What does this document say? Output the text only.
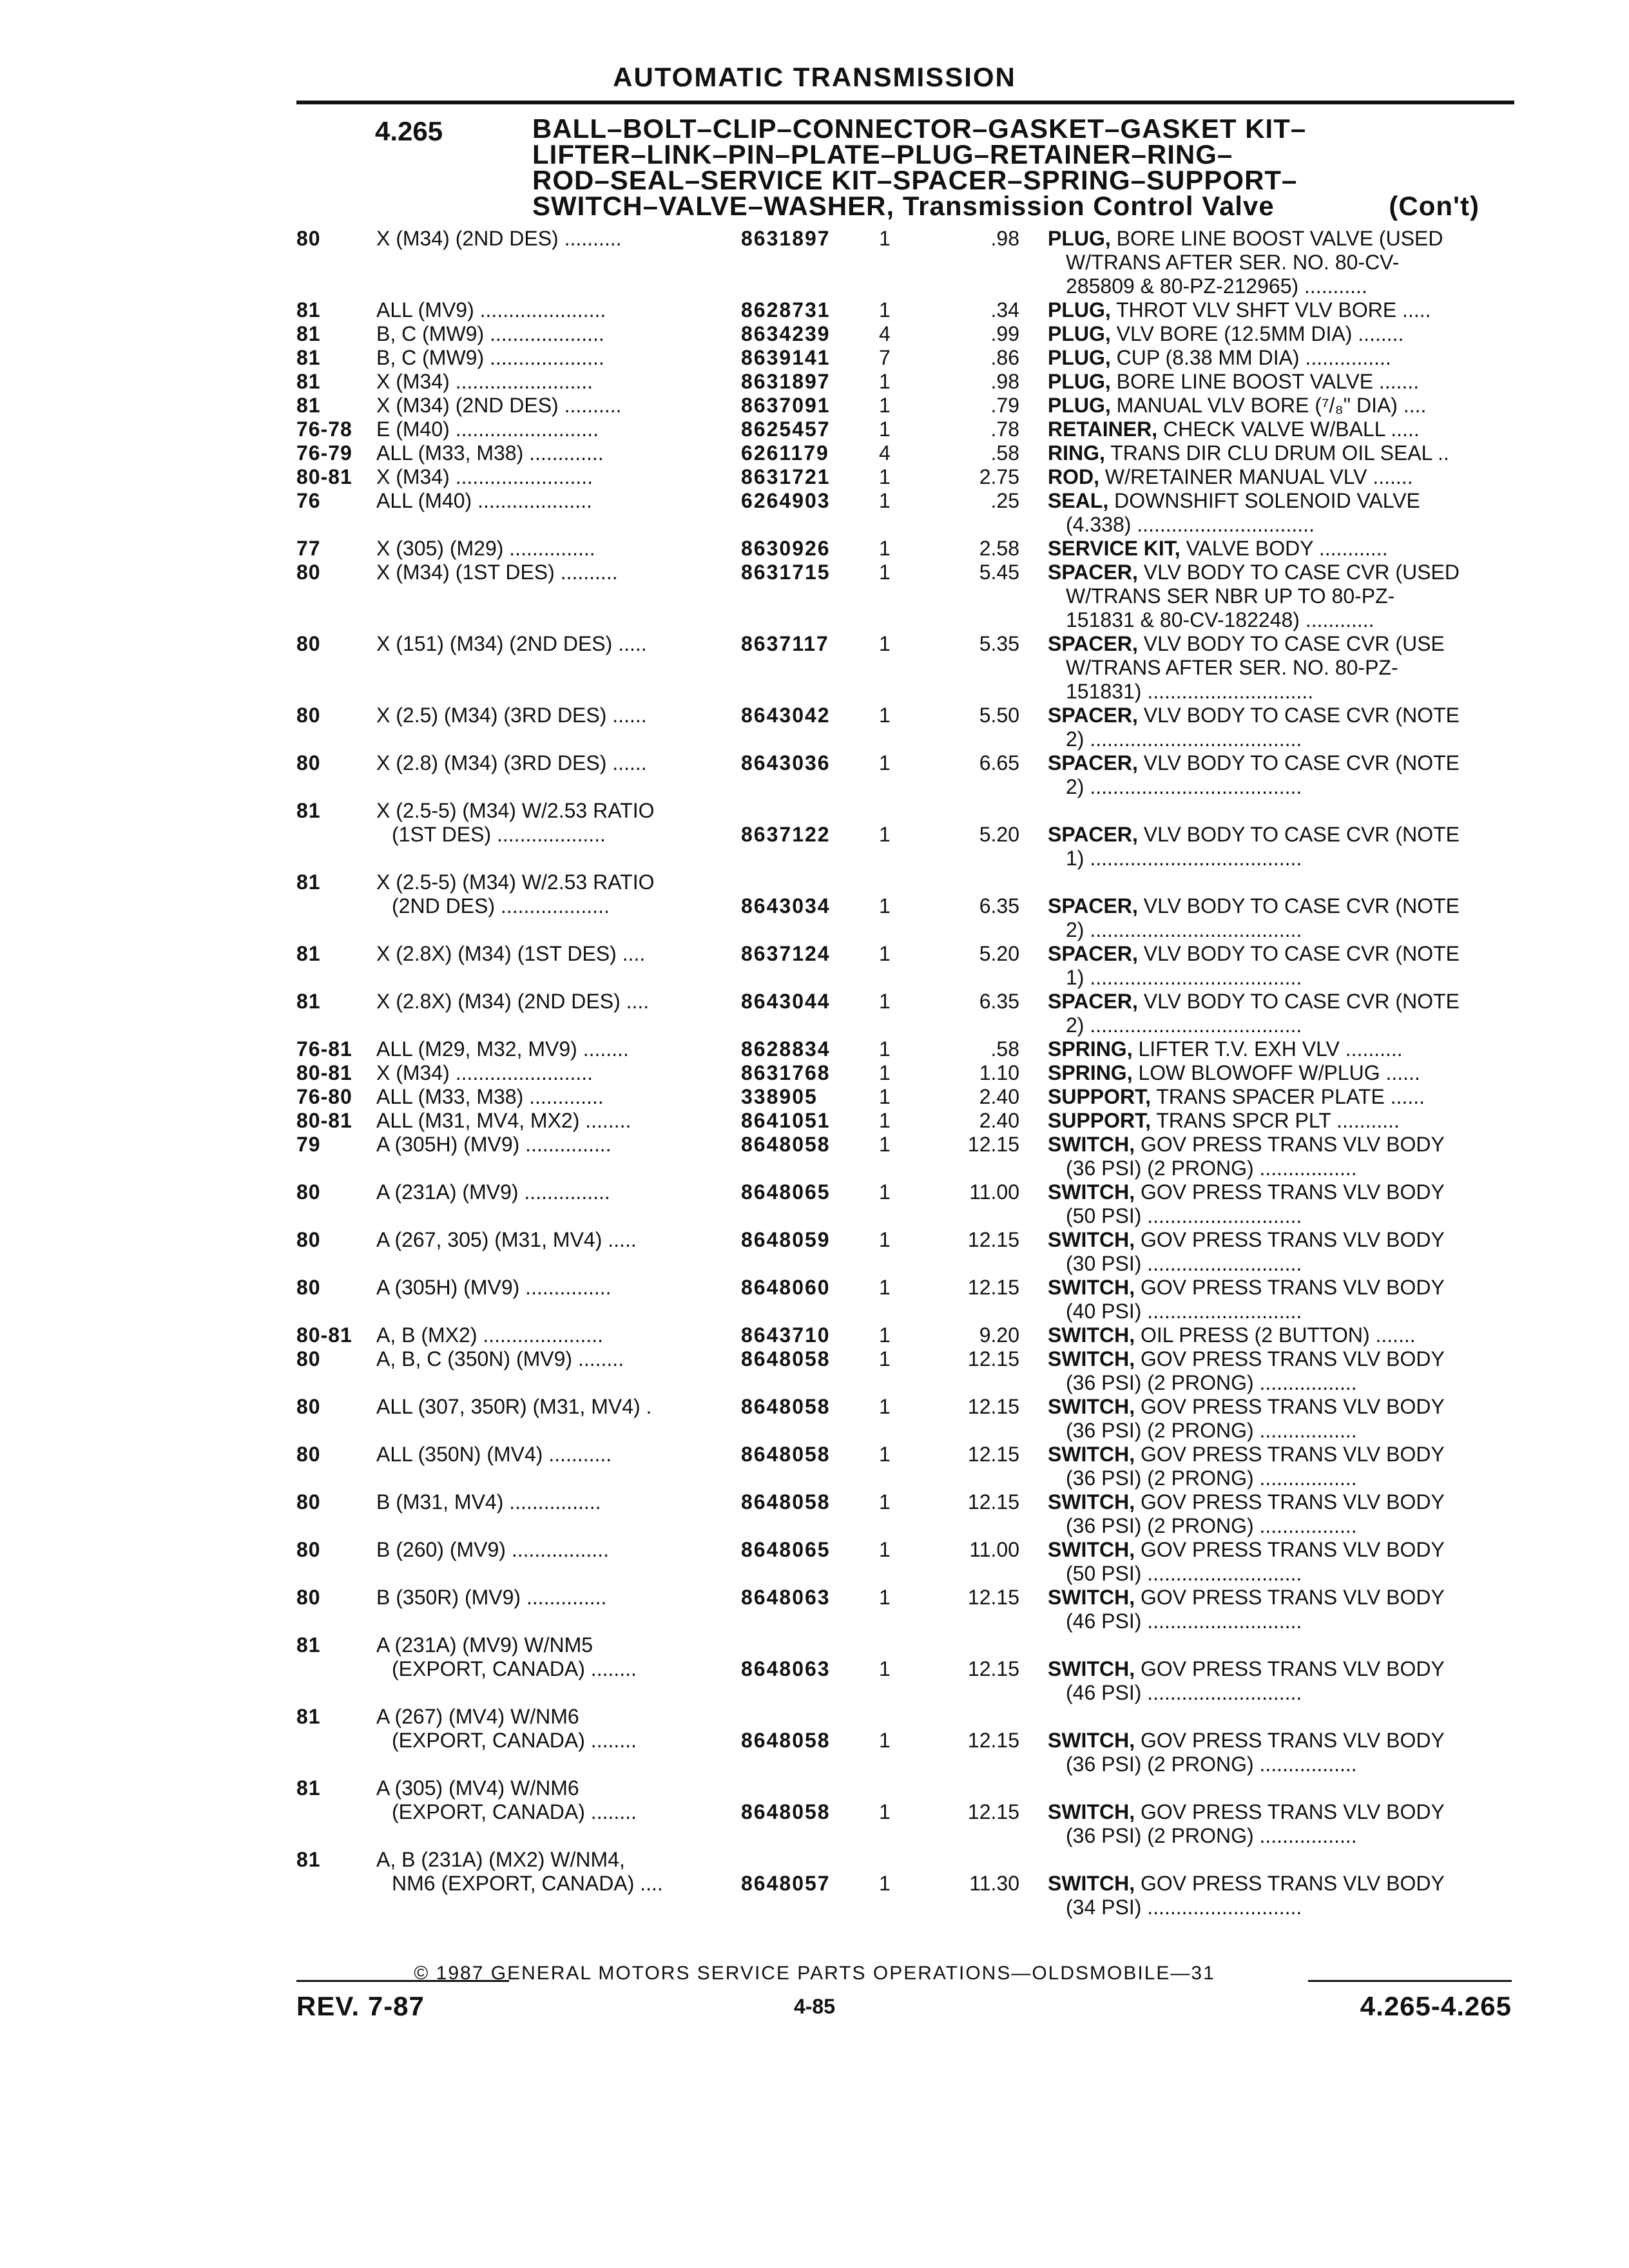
AUTOMATIC TRANSMISSION
4.265	BALL–BOLT–CLIP–CONNECTOR–GASKET–GASKET KIT–
LIFTER–LINK–PIN–PLATE–PLUG–RETAINER–RING–
ROD–SEAL–SERVICE KIT–SPACER–SPRING–SUPPORT–
SWITCH–VALVE–WASHER, Transmission Control Valve	(Con't)
80	X (M34) (2ND DES) ..........	8631897 1	.98 PLUG, BORE LINE BOOST VALVE (USED
W/TRANS AFTER SER. NO. 80-CV-
285809 & 80-PZ-212965) ...........
81	ALL (MV9) ......................	8628731 1	.34 PLUG, THROT VLV SHFT VLV BORE .....
81	B, C (MW9) ....................	8634239 4	.99 PLUG, VLV BORE (12.5MM DIA) ........
81	B, C (MW9) ....................	8639141 7	.86 PLUG, CUP (8.38 MM DIA) ...............
81	X (M34) ........................	8631897 1	.98 PLUG, BORE LINE BOOST VALVE .......
81	X (M34) (2ND DES) ..........	8637091 1	.79 PLUG, MANUAL VLV BORE (⁷/₈" DIA) ....
76-78 E (M40) .........................	8625457 1	.78 RETAINER, CHECK VALVE W/BALL .....
76-79 ALL (M33, M38) .............	6261179 4	.58 RING, TRANS DIR CLU DRUM OIL SEAL ..
80-81 X (M34) ........................	8631721 1	2.75 ROD, W/RETAINER MANUAL VLV .......
76	ALL (M40) ....................	6264903 1	.25 SEAL, DOWNSHIFT SOLENOID VALVE
(4.338) ...............................
77	X (305) (M29) ...............	8630926 1	2.58 SERVICE KIT, VALVE BODY ............
80	X (M34) (1ST DES) ..........	8631715 1	5.45 SPACER, VLV BODY TO CASE CVR (USED
W/TRANS SER NBR UP TO 80-PZ-
151831 & 80-CV-182248) ............
80	X (151) (M34) (2ND DES) .....	8637117 1	5.35 SPACER, VLV BODY TO CASE CVR (USE
W/TRANS AFTER SER. NO. 80-PZ-
151831) .............................
80	X (2.5) (M34) (3RD DES) ......	8643042 1	5.50 SPACER, VLV BODY TO CASE CVR (NOTE
2) .....................................
80	X (2.8) (M34) (3RD DES) ......	8643036 1	6.65 SPACER, VLV BODY TO CASE CVR (NOTE
2) .....................................
81	X (2.5-5) (M34) W/2.53 RATIO
(1ST DES) ...................	8637122 1	5.20 SPACER, VLV BODY TO CASE CVR (NOTE
1) .....................................
81	X (2.5-5) (M34) W/2.53 RATIO
(2ND DES) ...................	8643034 1	6.35 SPACER, VLV BODY TO CASE CVR (NOTE
2) .....................................
81	X (2.8X) (M34) (1ST DES) ....	8637124 1	5.20 SPACER, VLV BODY TO CASE CVR (NOTE
1) .....................................
81	X (2.8X) (M34) (2ND DES) ....	8643044 1	6.35 SPACER, VLV BODY TO CASE CVR (NOTE
2) .....................................
76-81 ALL (M29, M32, MV9) ........	8628834 1	.58 SPRING, LIFTER T.V. EXH VLV ..........
80-81 X (M34) ........................	8631768 1	1.10 SPRING, LOW BLOWOFF W/PLUG ......
76-80 ALL (M33, M38) .............	338905	1	2.40 SUPPORT, TRANS SPACER PLATE ......
80-81 ALL (M31, MV4, MX2) ........	8641051 1	2.40 SUPPORT, TRANS SPCR PLT ...........
79	A (305H) (MV9) ...............	8648058 1	12.15 SWITCH, GOV PRESS TRANS VLV BODY
(36 PSI) (2 PRONG) .................
80	A (231A) (MV9) ...............	8648065 1	11.00 SWITCH, GOV PRESS TRANS VLV BODY
(50 PSI) ...........................
80	A (267, 305) (M31, MV4) .....	8648059 1	12.15 SWITCH, GOV PRESS TRANS VLV BODY
(30 PSI) ...........................
80	A (305H) (MV9) ...............	8648060 1	12.15 SWITCH, GOV PRESS TRANS VLV BODY
(40 PSI) ...........................
80-81 A, B (MX2) .....................	8643710 1	9.20 SWITCH, OIL PRESS (2 BUTTON) .......
80	A, B, C (350N) (MV9) ........	8648058 1	12.15 SWITCH, GOV PRESS TRANS VLV BODY
(36 PSI) (2 PRONG) .................
80	ALL (307, 350R) (M31, MV4) .	8648058 1	12.15 SWITCH, GOV PRESS TRANS VLV BODY
(36 PSI) (2 PRONG) .................
80	ALL (350N) (MV4) ...........	8648058 1	12.15 SWITCH, GOV PRESS TRANS VLV BODY
(36 PSI) (2 PRONG) .................
80	B (M31, MV4) ................	8648058 1	12.15 SWITCH, GOV PRESS TRANS VLV BODY
(36 PSI) (2 PRONG) .................
80	B (260) (MV9) .................	8648065 1	11.00 SWITCH, GOV PRESS TRANS VLV BODY
(50 PSI) ...........................
80	B (350R) (MV9) ..............	8648063 1	12.15 SWITCH, GOV PRESS TRANS VLV BODY
(46 PSI) ...........................
81	A (231A) (MV9) W/NM5
(EXPORT, CANADA) ........	8648063 1	12.15 SWITCH, GOV PRESS TRANS VLV BODY
(46 PSI) ...........................
81	A (267) (MV4) W/NM6
(EXPORT, CANADA) ........	8648058 1	12.15 SWITCH, GOV PRESS TRANS VLV BODY
(36 PSI) (2 PRONG) .................
81	A (305) (MV4) W/NM6
(EXPORT, CANADA) ........	8648058 1	12.15 SWITCH, GOV PRESS TRANS VLV BODY
(36 PSI) (2 PRONG) .................
81	A, B (231A) (MX2) W/NM4,
NM6 (EXPORT, CANADA) ....	8648057 1	11.30 SWITCH, GOV PRESS TRANS VLV BODY
(34 PSI) ...........................
© 1987 GENERAL MOTORS SERVICE PARTS OPERATIONS—OLDSMOBILE—31
REV. 7-87	4-85	4.265-4.265
